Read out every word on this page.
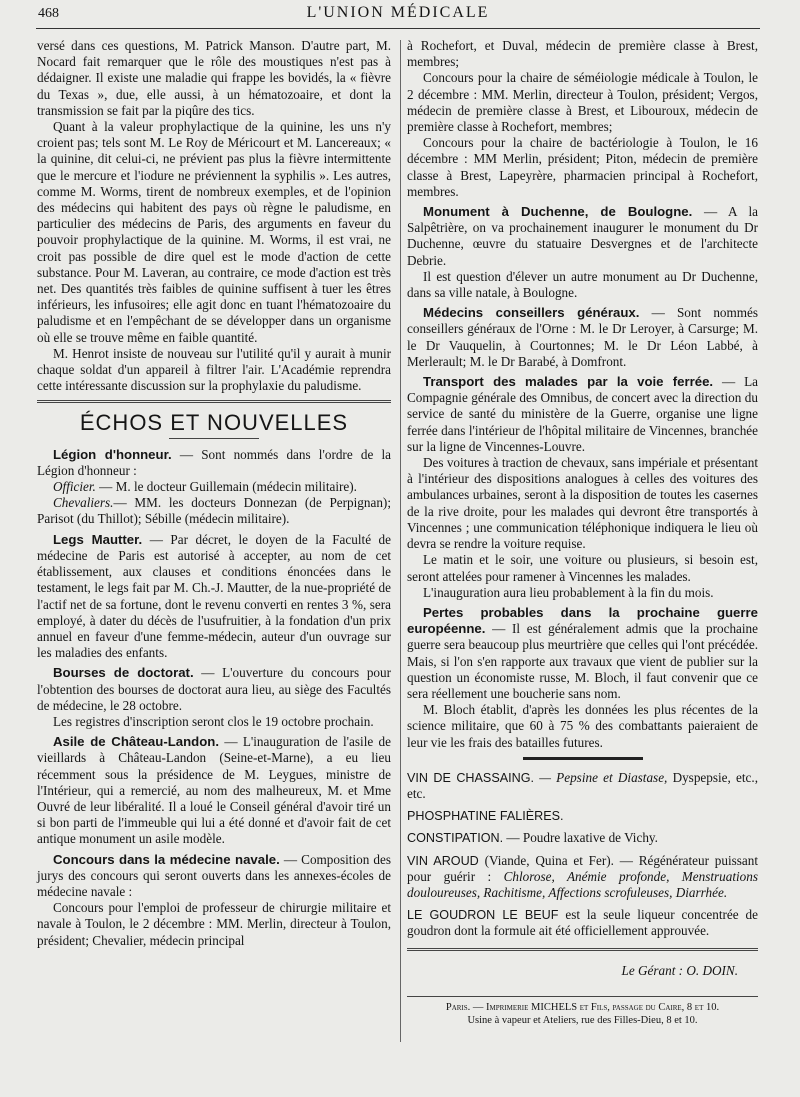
468	L'UNION MÉDICALE

versé dans ces questions, M. Patrick Manson. D'autre part, M. Nocard fait remarquer que le rôle des moustiques n'est pas à dédaigner. Il existe une maladie qui frappe les bovidés, la « fièvre du Texas », due, elle aussi, à un hématozoaire, et dont la transmission se fait par la piqûre des tics.

Quant à la valeur prophylactique de la quinine, les uns n'y croient pas; tels sont M. Le Roy de Méricourt et M. Lancereaux; « la quinine, dit celui-ci, ne prévient pas plus la fièvre intermittente que le mercure et l'iodure ne préviennent la syphilis ». Les autres, comme M. Worms, tirent de nombreux exemples, et de l'opinion des médecins qui habitent des pays où règne le paludisme, en particulier des médecins de Paris, des arguments en faveur du pouvoir prophylactique de la quinine. M. Worms, il est vrai, ne croit pas possible de dire quel est le mode d'action de cette substance. Pour M. Laveran, au contraire, ce mode d'action est très net. Des quantités très faibles de quinine suffisent à tuer les êtres inférieurs, les infusoires; elle agit donc en tuant l'hématozoaire du paludisme et en l'empêchant de se développer dans un organisme où elle se trouve même en faible quantité.

M. Henrot insiste de nouveau sur l'utilité qu'il y aurait à munir chaque soldat d'un appareil à filtrer l'air. L'Académie reprendra cette intéressante discussion sur la prophylaxie du paludisme.

ÉCHOS ET NOUVELLES

Légion d'honneur. — Sont nommés dans l'ordre de la Légion d'honneur :

Officier. — M. le docteur Guillemain (médecin militaire).

Chevaliers.— MM. les docteurs Donnezan (de Perpignan); Parisot (du Thillot); Sébille (médecin militaire).

Legs Mautter. — Par décret, le doyen de la Faculté de médecine de Paris est autorisé à accepter, au nom de cet établissement, aux clauses et conditions énoncées dans le testament, le legs fait par M. Ch.-J. Mautter, de la nue-propriété de l'actif net de sa fortune, dont le revenu converti en rentes 3 %, sera employé, à dater du décès de l'usufruitier, à la fondation d'un prix annuel en faveur d'une femme-médecin, auteur d'un ouvrage sur les maladies des enfants.

Bourses de doctorat. — L'ouverture du concours pour l'obtention des bourses de doctorat aura lieu, au siège des Facultés de médecine, le 28 octobre.

Les registres d'inscription seront clos le 19 octobre prochain.

Asile de Château-Landon. — L'inauguration de l'asile de vieillards à Château-Landon (Seine-et-Marne), a eu lieu récemment sous la présidence de M. Leygues, ministre de l'Intérieur, qui a remercié, au nom des malheureux, M. et Mme Ouvré de leur libéralité. Il a loué le Conseil général d'avoir tiré un si bon parti de l'immeuble qui lui a été donné et d'avoir fait de cet antique monument un asile modèle.

Concours dans la médecine navale. — Composition des jurys des concours qui seront ouverts dans les annexes-écoles de médecine navale :

Concours pour l'emploi de professeur de chirurgie militaire et navale à Toulon, le 2 décembre : MM. Merlin, directeur à Toulon, président; Chevalier, médecin principal

à Rochefort, et Duval, médecin de première classe à Brest, membres;

Concours pour la chaire de séméiologie médicale à Toulon, le 2 décembre : MM. Merlin, directeur à Toulon, président; Vergos, médecin de première classe à Brest, et Libouroux, médecin de première classe à Rochefort, membres;

Concours pour la chaire de bactériologie à Toulon, le 16 décembre : MM Merlin, président; Piton, médecin de première classe à Brest, Lapeyrère, pharmacien principal à Rochefort, membres.

Monument à Duchenne, de Boulogne. — A la Salpêtrière, on va prochainement inaugurer le monument du Dr Duchenne, œuvre du statuaire Desvergnes et de l'architecte Debrie.

Il est question d'élever un autre monument au Dr Duchenne, dans sa ville natale, à Boulogne.

Médecins conseillers généraux. — Sont nommés conseillers généraux de l'Orne : M. le Dr Leroyer, à Carsurge; M. le Dr Vauquelin, à Courtonnes; M. le Dr Léon Labbé, à Merlerault; M. le Dr Barabé, à Domfront.

Transport des malades par la voie ferrée. — La Compagnie générale des Omnibus, de concert avec la direction du service de santé du ministère de la Guerre, organise une ligne ferrée dans l'intérieur de l'hôpital militaire de Vincennes, branchée sur la ligne de Vincennes-Louvre.

Des voitures à traction de chevaux, sans impériale et présentant à l'intérieur des dispositions analogues à celles des voitures des ambulances urbaines, seront à la disposition de toutes les casernes de la rive droite, pour les malades qui devront être transportés à Vincennes ; une communication téléphonique indiquera le lieu où devra se rendre la voiture requise.

Le matin et le soir, une voiture ou plusieurs, si besoin est, seront attelées pour ramener à Vincennes les malades.

L'inauguration aura lieu probablement à la fin du mois.

Pertes probables dans la prochaine guerre européenne. — Il est généralement admis que la prochaine guerre sera beaucoup plus meurtrière que celles qui l'ont précédée. Mais, si l'on s'en rapporte aux travaux que vient de publier sur la question un économiste russe, M. Bloch, il faut convenir que ce sera réellement une boucherie sans nom.

M. Bloch établit, d'après les données les plus récentes de la science militaire, que 60 à 75 % des combattants paieraient de leur vie les frais des batailles futures.

VIN DE CHASSAING. — Pepsine et Diastase, Dyspepsie, etc., etc.

PHOSPHATINE FALIÈRES.

CONSTIPATION. — Poudre laxative de Vichy.

VIN AROUD (Viande, Quina et Fer). — Régénérateur puissant pour guérir : Chlorose, Anémie profonde, Menstruations douloureuses, Rachitisme, Affections scrofuleuses, Diarrhée.

LE GOUDRON LE BEUF est la seule liqueur concentrée de goudron dont la formule ait été officiellement approuvée.

Le Gérant : O. DOIN.
Paris. — Imprimerie MICHELS et Fils, passage du Caire, 8 et 10.
Usine à vapeur et Ateliers, rue des Filles-Dieu, 8 et 10.
